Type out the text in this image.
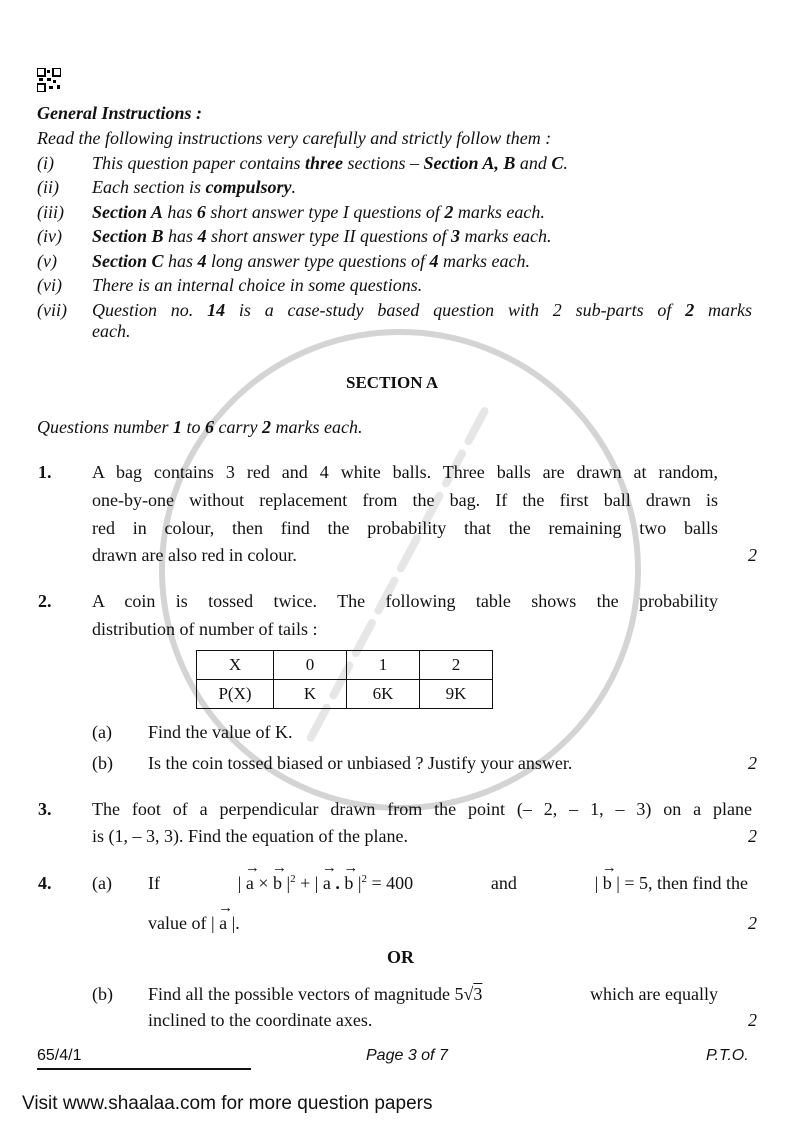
General Instructions :
Read the following instructions very carefully and strictly follow them :
(i) This question paper contains three sections – Section A, B and C.
(ii) Each section is compulsory.
(iii) Section A has 6 short answer type I questions of 2 marks each.
(iv) Section B has 4 short answer type II questions of 3 marks each.
(v) Section C has 4 long answer type questions of 4 marks each.
(vi) There is an internal choice in some questions.
(vii) Question no. 14 is a case-study based question with 2 sub-parts of 2 marks
each.
SECTION A
Questions number 1 to 6 carry 2 marks each.
1. A bag contains 3 red and 4 white balls. Three balls are drawn at random,
one-by-one without replacement from the bag. If the first ball drawn is
red in colour, then find the probability that the remaining two balls
drawn are also red in colour.	2
2. A coin is tossed twice. The following table shows the probability
distribution of number of tails :
X	0	1	2
P(X)	K	6K	9K
(a) Find the value of K.
(b) Is the coin tossed biased or unbiased ? Justify your answer.	2
3. The foot of a perpendicular drawn from the point (– 2, – 1, – 3) on a plane
is (1, – 3, 3). Find the equation of the plane.	2
4. (a) If	| → a × → b $|^2$ + | → a . → b $|^2 = 400$	and	| → b | = 5, then find the
value of | → a |.	2
OR
(b) Find all the possible vectors of magnitude 5√3	which are equally
inclined to the coordinate axes.	2
65/4/1	Page 3 of 7	P.T.O.
Visit www.shaalaa.com for more question papers
